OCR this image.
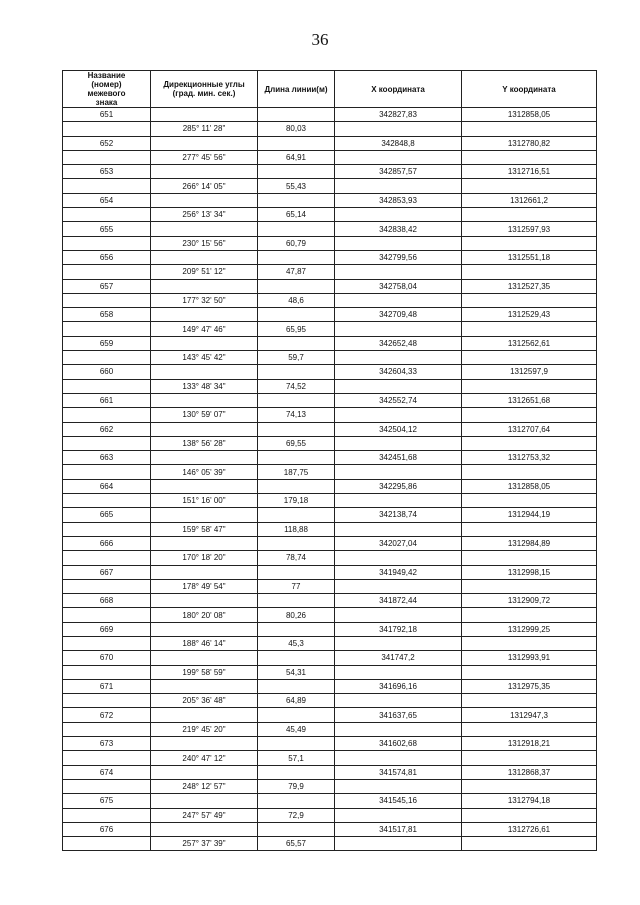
36
Название (номер) межевого знака	Дирекционные углы (град. мин. сек.)	Длина линии(м)	X координата	Y координата
651			342827,83	1312858,05
	285° 11' 28"	80,03		
652			342848,8	1312780,82
	277° 45' 56"	64,91		
653			342857,57	1312716,51
	266° 14' 05"	55,43		
654			342853,93	1312661,2
	256° 13' 34"	65,14		
655			342838,42	1312597,93
	230° 15' 56"	60,79		
656			342799,56	1312551,18
	209° 51' 12"	47,87		
657			342758,04	1312527,35
	177° 32' 50"	48,6		
658			342709,48	1312529,43
	149° 47' 46"	65,95		
659			342652,48	1312562,61
	143° 45' 42"	59,7		
660			342604,33	1312597,9
	133° 48' 34"	74,52		
661			342552,74	1312651,68
	130° 59' 07"	74,13		
662			342504,12	1312707,64
	138° 56' 28"	69,55		
663			342451,68	1312753,32
	146° 05' 39"	187,75		
664			342295,86	1312858,05
	151° 16' 00"	179,18		
665			342138,74	1312944,19
	159° 58' 47"	118,88		
666			342027,04	1312984,89
	170° 18' 20"	78,74		
667			341949,42	1312998,15
	178° 49' 54"	77		
668			341872,44	1312909,72
	180° 20' 08"	80,26		
669			341792,18	1312999,25
	188° 46' 14"	45,3		
670			341747,2	1312993,91
	199° 58' 59"	54,31		
671			341696,16	1312975,35
	205° 36' 48"	64,89		
672			341637,65	1312947,3
	219° 45' 20"	45,49		
673			341602,68	1312918,21
	240° 47' 12"	57,1		
674			341574,81	1312868,37
	248° 12' 57"	79,9		
675			341545,16	1312794,18
	247° 57' 49"	72,9		
676			341517,81	1312726,61
	257° 37' 39"	65,57		
